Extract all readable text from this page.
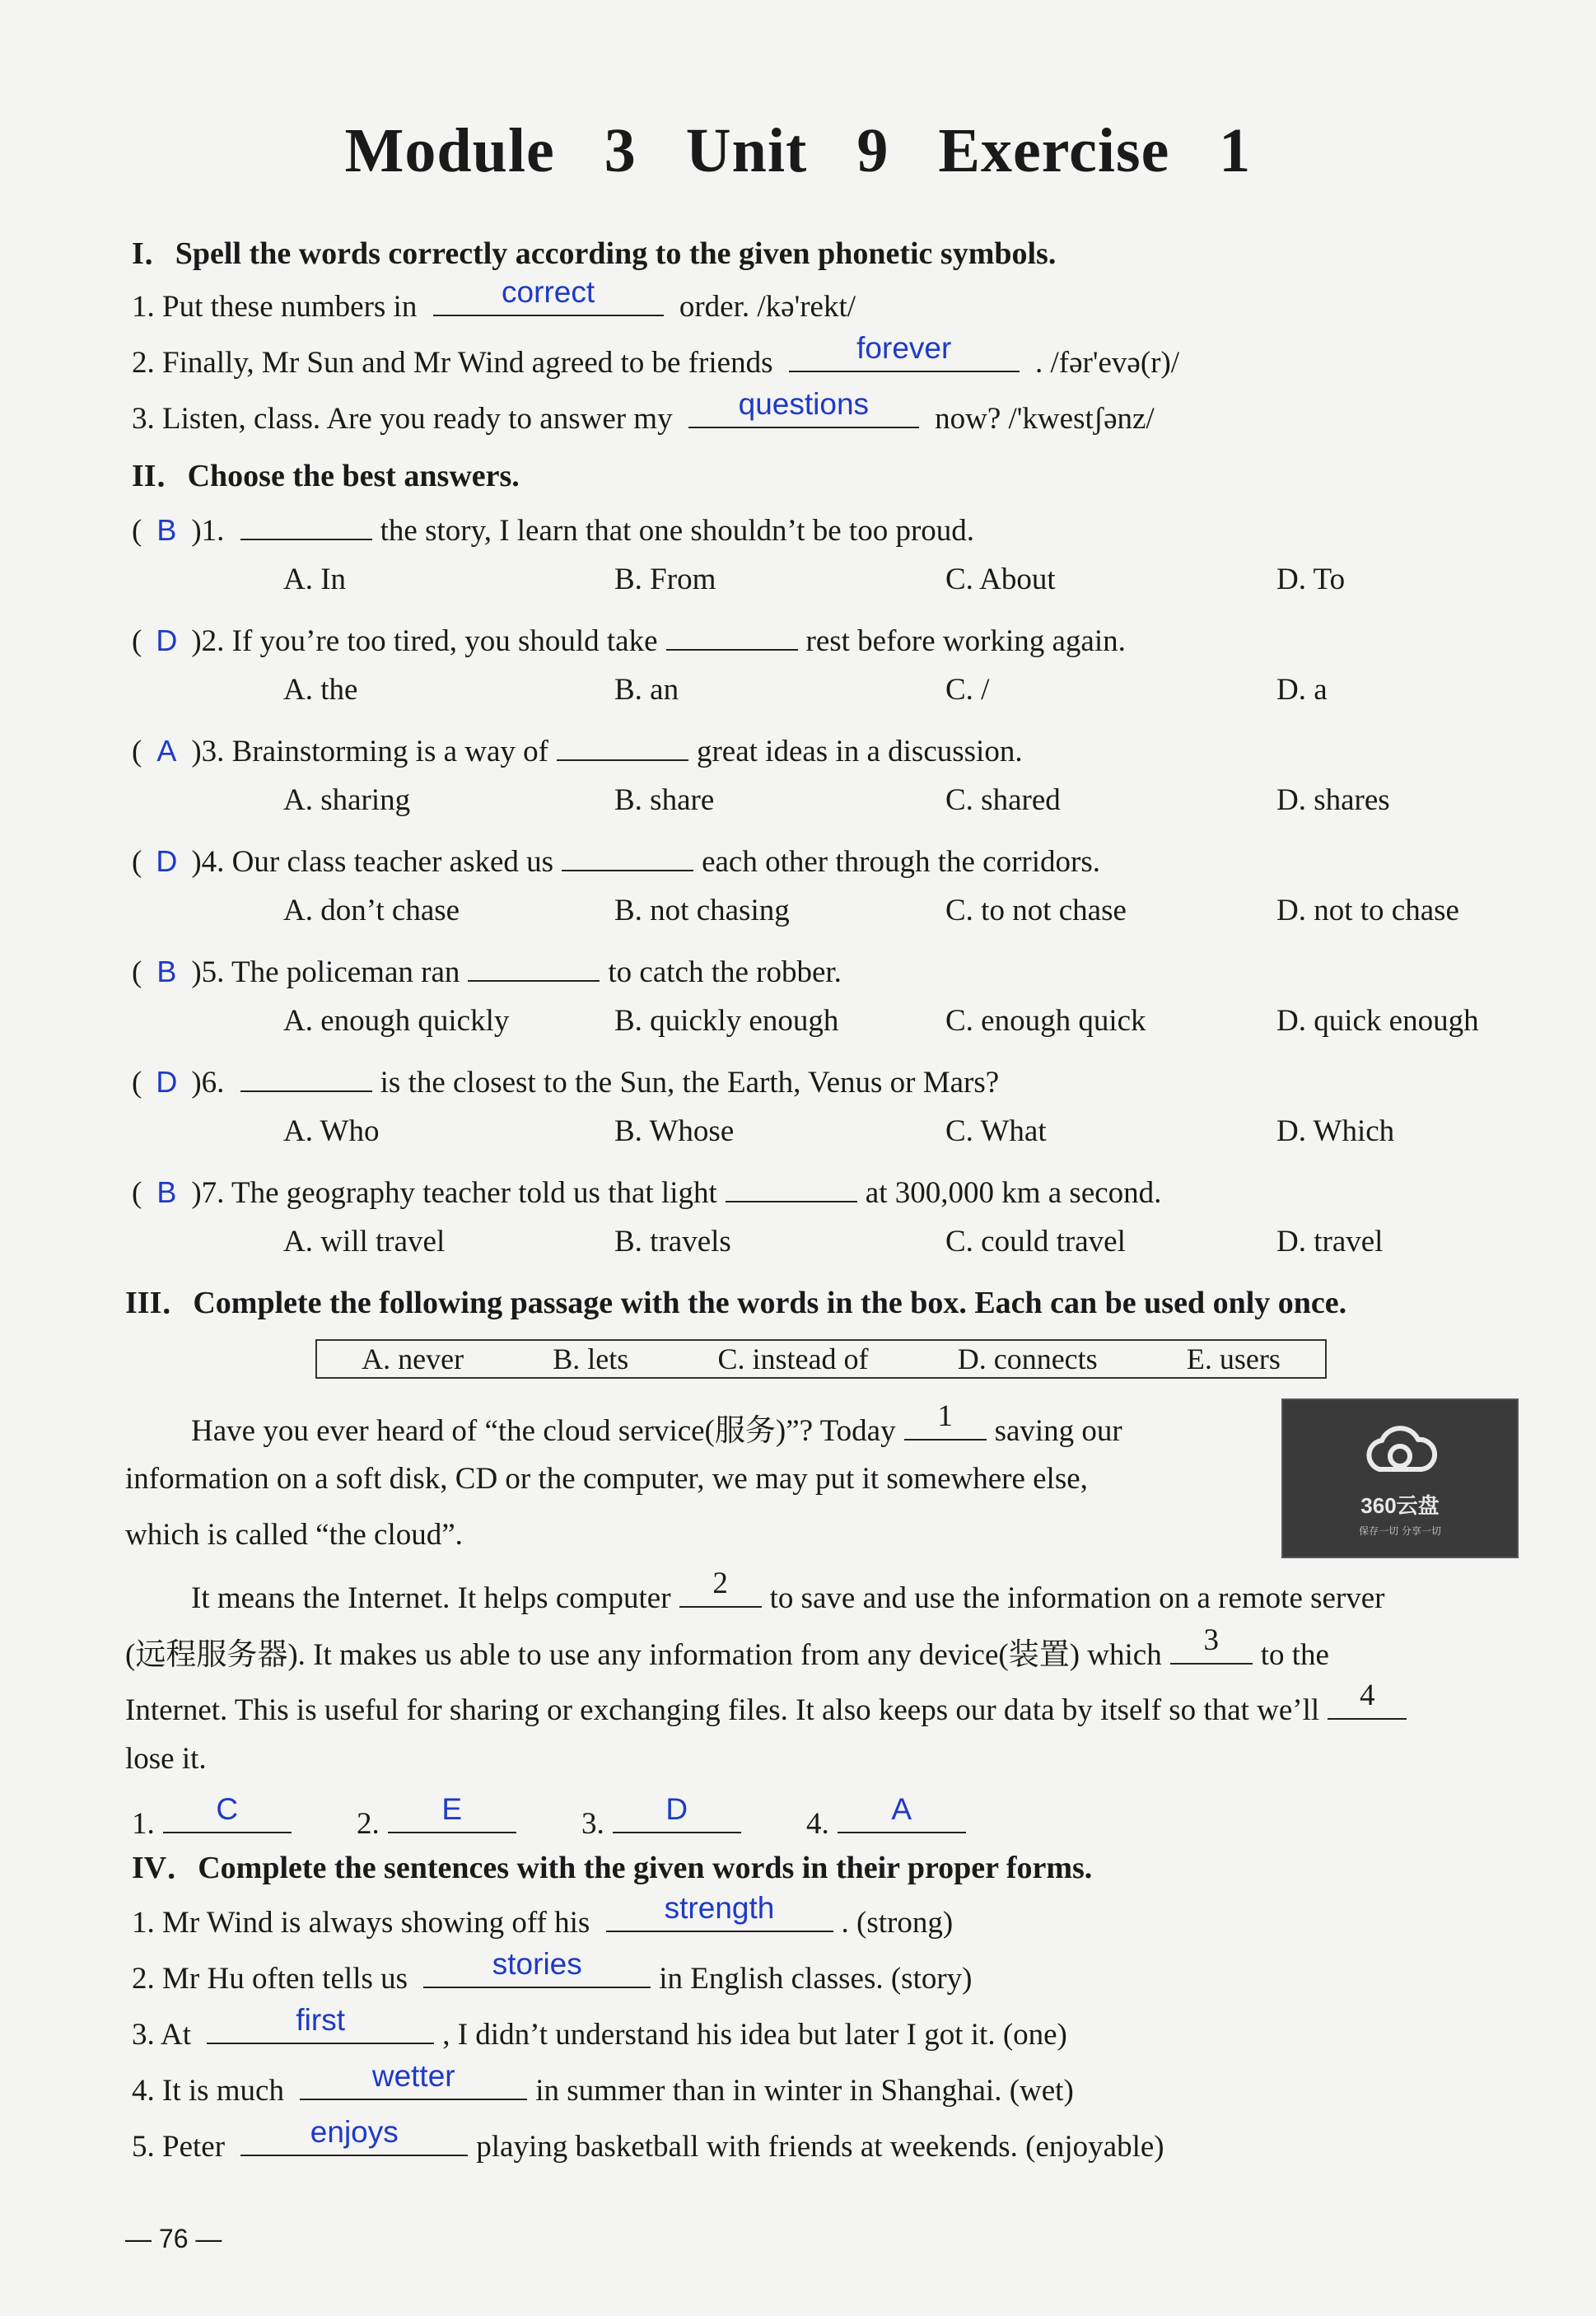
Module 3 Unit 9 Exercise 1
I．Spell the words correctly according to the given phonetic symbols.
1. Put these numbers in	correct	order. /kə'rekt/
2. Finally, Mr Sun and Mr Wind agreed to be friends	forever	. /fər'evə(r)/
3. Listen, class. Are you ready to answer my	questions	now? /'kwestʃənz/
II．Choose the best answers.
( B )1.	the story, I learn that one shouldn’t be too proud.
A. In	B. From	C. About	D. To
( D )2. If you’re too tired, you should take	rest before working again.
A. the	B. an	C. /	D. a
( A )3. Brainstorming is a way of	great ideas in a discussion.
A. sharing	B. share	C. shared	D. shares
( D )4. Our class teacher asked us	each other through the corridors.
A. don’t chase	B. not chasing	C. to not chase	D. not to chase
( B )5. The policeman ran	to catch the robber.
A. enough quickly	B. quickly enough	C. enough quick	D. quick enough
( D )6.	is the closest to the Sun, the Earth, Venus or Mars?
A. Who	B. Whose	C. What	D. Which
( B )7. The geography teacher told us that light	at 300,000 km a second.
A. will travel	B. travels	C. could travel	D. travel
III．Complete the following passage with the words in the box. Each can be used only once.
A. never	B. lets	C. instead of	D. connects	E. users
360云盘
保存一切 分享一切
Have you ever heard of “the cloud service(服务)”? Today	1	saving our
information on a soft disk, CD or the computer, we may put it somewhere else,
which is called “the cloud”.
It means the Internet. It helps computer	2	to save and use the information on a remote server
(远程服务器). It makes us able to use any information from any device(装置) which	3	to the
Internet. This is useful for sharing or exchanging files. It also keeps our data by itself so that we’ll	4
lose it.
1.	C	2.	E	3.	D	4.	A
IV．Complete the sentences with the given words in their proper forms.
1. Mr Wind is always showing off his	strength	. (strong)
2. Mr Hu often tells us	stories	in English classes. (story)
3. At	first	, I didn’t understand his idea but later I got it. (one)
4. It is much	wetter	in summer than in winter in Shanghai. (wet)
5. Peter	enjoys	playing basketball with friends at weekends. (enjoyable)
— 76 —
